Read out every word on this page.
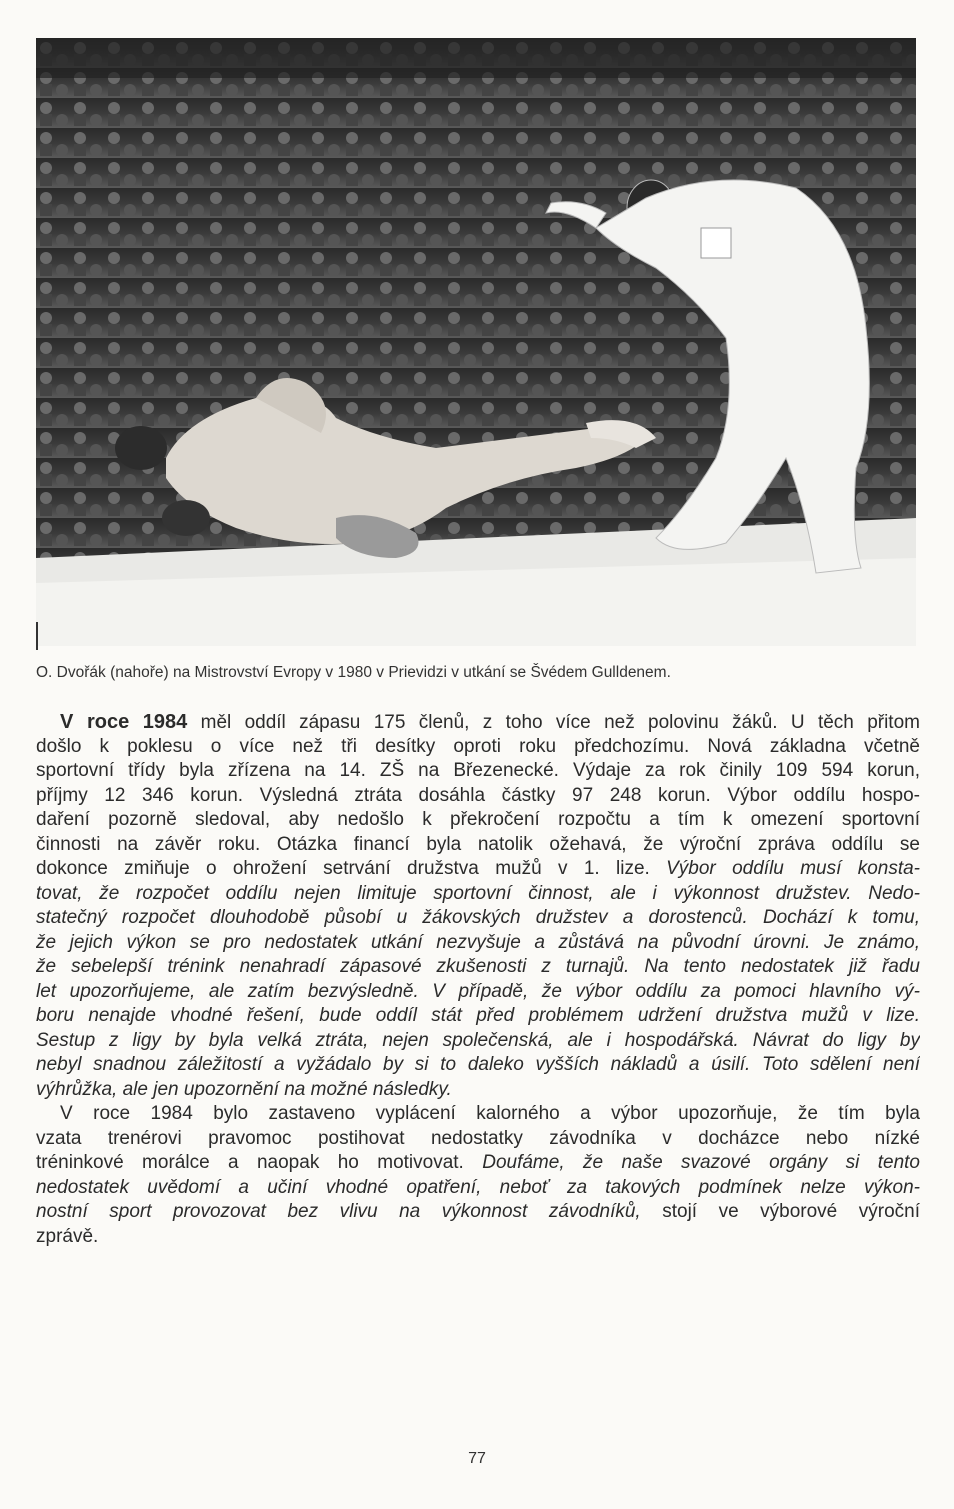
O. Dvořák (nahoře) na Mistrovství Evropy v 1980 v Prievidzi v utkání se Švédem Gulldenem.
V roce 1984 měl oddíl zápasu 175 členů, z toho více než polovinu žáků. U těch přitom
došlo k poklesu o více než tři desítky oproti roku předchozímu. Nová základna včetně
sportovní třídy byla zřízena na 14. ZŠ na Březenecké. Výdaje za rok činily 109 594 korun,
příjmy 12 346 korun. Výsledná ztráta dosáhla částky 97 248 korun. Výbor oddílu hospo-
daření pozorně sledoval, aby nedošlo k překročení rozpočtu a tím k omezení sportovní
činnosti na závěr roku. Otázka financí byla natolik ožehavá, že výroční zpráva oddílu se
dokonce zmiňuje o ohrožení setrvání družstva mužů v 1. lize. Výbor oddílu musí konsta-
tovat, že rozpočet oddílu nejen limituje sportovní činnost, ale i výkonnost družstev. Nedo-
statečný rozpočet dlouhodobě působí u žákovských družstev a dorostenců. Dochází k tomu,
že jejich výkon se pro nedostatek utkání nezvyšuje a zůstává na původní úrovni. Je známo,
že sebelepší trénink nenahradí zápasové zkušenosti z turnajů. Na tento nedostatek již řadu
let upozorňujeme, ale zatím bezvýsledně. V případě, že výbor oddílu za pomoci hlavního vý-
boru nenajde vhodné řešení, bude oddíl stát před problémem udržení družstva mužů v lize.
Sestup z ligy by byla velká ztráta, nejen společenská, ale i hospodářská. Návrat do ligy by
nebyl snadnou záležitostí a vyžádalo by si to daleko vyšších nákladů a úsilí. Toto sdělení není
výhrůžka, ale jen upozornění na možné následky.
V roce 1984 bylo zastaveno vyplácení kalorného a výbor upozorňuje, že tím byla
vzata trenérovi pravomoc postihovat nedostatky závodníka v docházce nebo nízké
tréninkové morálce a naopak ho motivovat. Doufáme, že naše svazové orgány si tento
nedostatek uvědomí a učiní vhodné opatření, neboť za takových podmínek nelze výkon-
nostní sport provozovat bez vlivu na výkonnost závodníků, stojí ve výborové výroční
zprávě.
77
